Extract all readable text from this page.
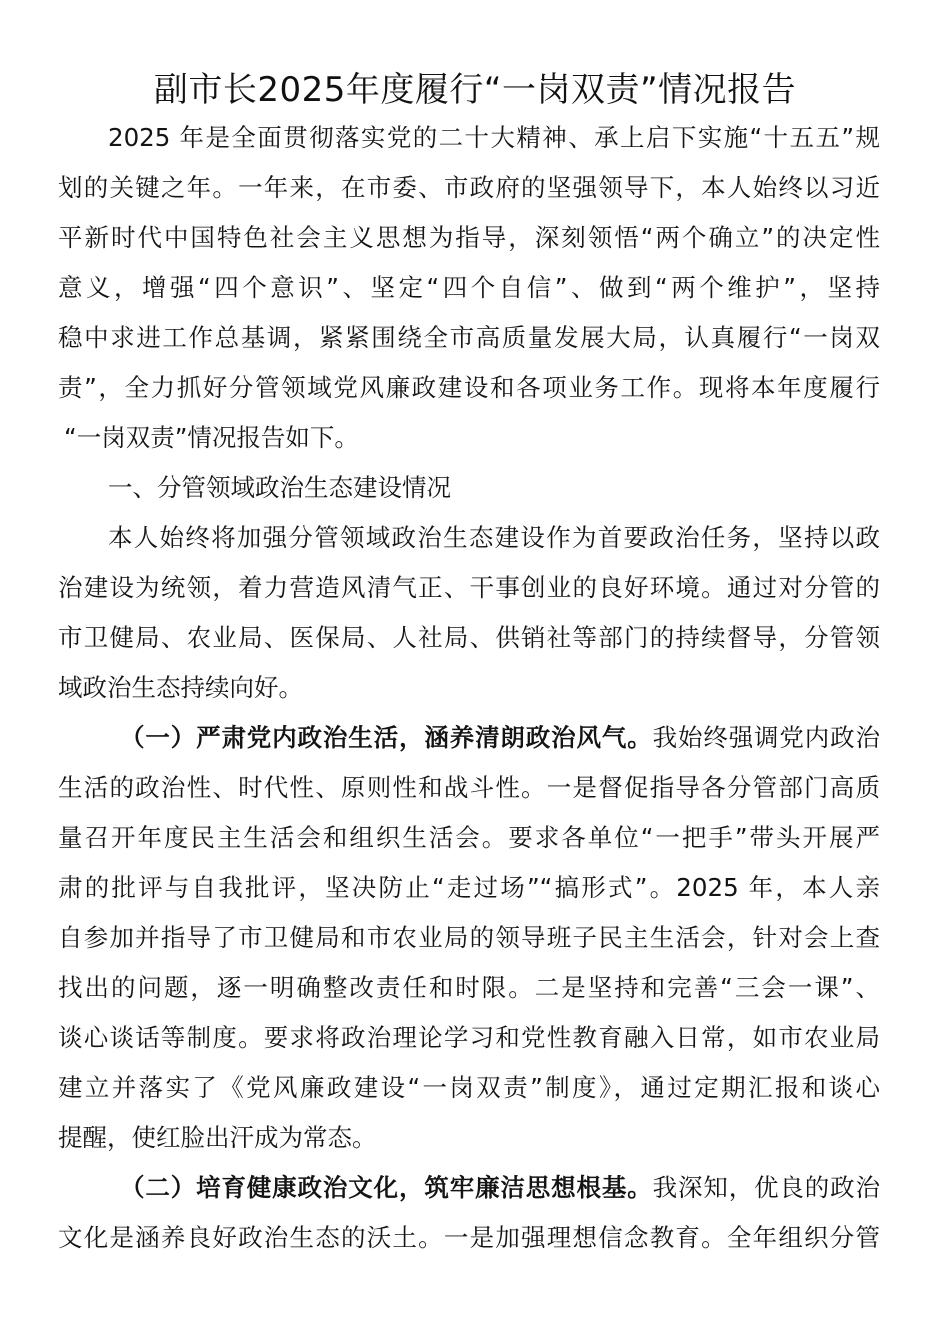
副市长2025年度履行“一岗双责”情况报告
2025 年是全面贯彻落实党的二十大精神、承上启下实施“十五五”规
划的关键之年。一年来，在市委、市政府的坚强领导下，本人始终以习近
平新时代中国特色社会主义思想为指导，深刻领悟“两个确立”的决定性
意义，增强“四个意识”、坚定“四个自信”、做到“两个维护”，坚持
稳中求进工作总基调，紧紧围绕全市高质量发展大局，认真履行“一岗双
责”，全力抓好分管领域党风廉政建设和各项业务工作。现将本年度履行
“一岗双责”情况报告如下。
一、分管领域政治生态建设情况
本人始终将加强分管领域政治生态建设作为首要政治任务，坚持以政
治建设为统领，着力营造风清气正、干事创业的良好环境。通过对分管的
市卫健局、农业局、医保局、人社局、供销社等部门的持续督导，分管领
域政治生态持续向好。
（一）严肃党内政治生活，涵养清朗政治风气。我始终强调党内政治
生活的政治性、时代性、原则性和战斗性。一是督促指导各分管部门高质
量召开年度民主生活会和组织生活会。要求各单位“一把手”带头开展严
肃的批评与自我批评，坚决防止“走过场”“搞形式”。2025 年，本人亲
自参加并指导了市卫健局和市农业局的领导班子民主生活会，针对会上查
找出的问题，逐一明确整改责任和时限。二是坚持和完善“三会一课”、
谈心谈话等制度。要求将政治理论学习和党性教育融入日常，如市农业局
建立并落实了《党风廉政建设“一岗双责”制度》，通过定期汇报和谈心
提醒，使红脸出汗成为常态。
（二）培育健康政治文化，筑牢廉洁思想根基。我深知，优良的政治
文化是涵养良好政治生态的沃土。一是加强理想信念教育。全年组织分管
